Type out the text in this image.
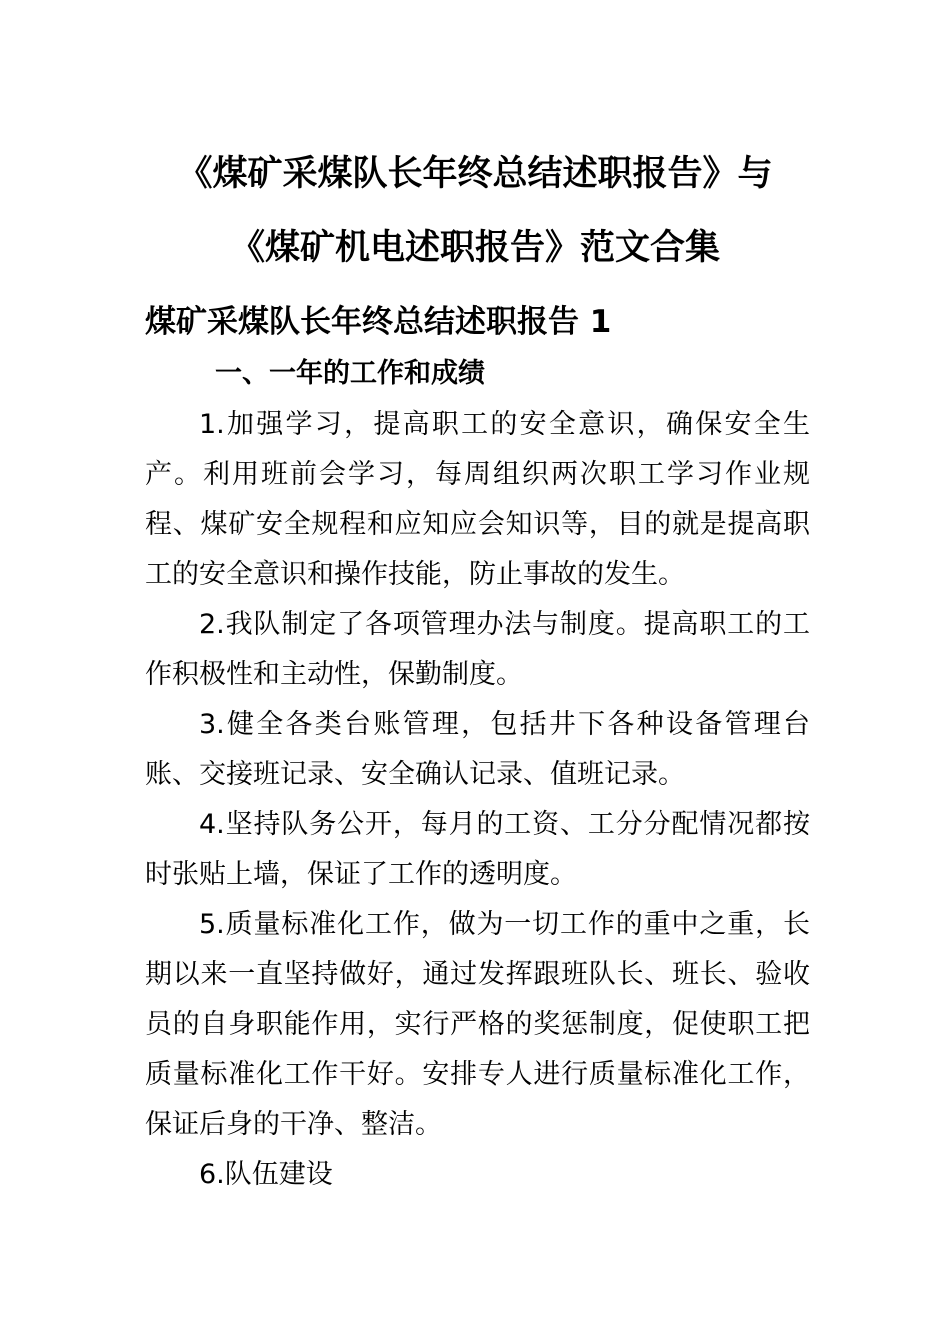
《煤矿采煤队长年终总结述职报告》与
《煤矿机电述职报告》范文合集
煤矿采煤队长年终总结述职报告 1
一、一年的工作和成绩

1.加强学习，提高职工的安全意识，确保安全生产。利用班前会学习，每周组织两次职工学习作业规程、煤矿安全规程和应知应会知识等，目的就是提高职工的安全意识和操作技能，防止事故的发生。

2.我队制定了各项管理办法与制度。提高职工的工作积极性和主动性，保勤制度。

3.健全各类台账管理，包括井下各种设备管理台账、交接班记录、安全确认记录、值班记录。

4.坚持队务公开，每月的工资、工分分配情况都按时张贴上墙，保证了工作的透明度。

5.质量标准化工作，做为一切工作的重中之重，长期以来一直坚持做好，通过发挥跟班队长、班长、验收员的自身职能作用，实行严格的奖惩制度，促使职工把质量标准化工作干好。安排专人进行质量标准化工作，保证后身的干净、整洁。

6.队伍建设
